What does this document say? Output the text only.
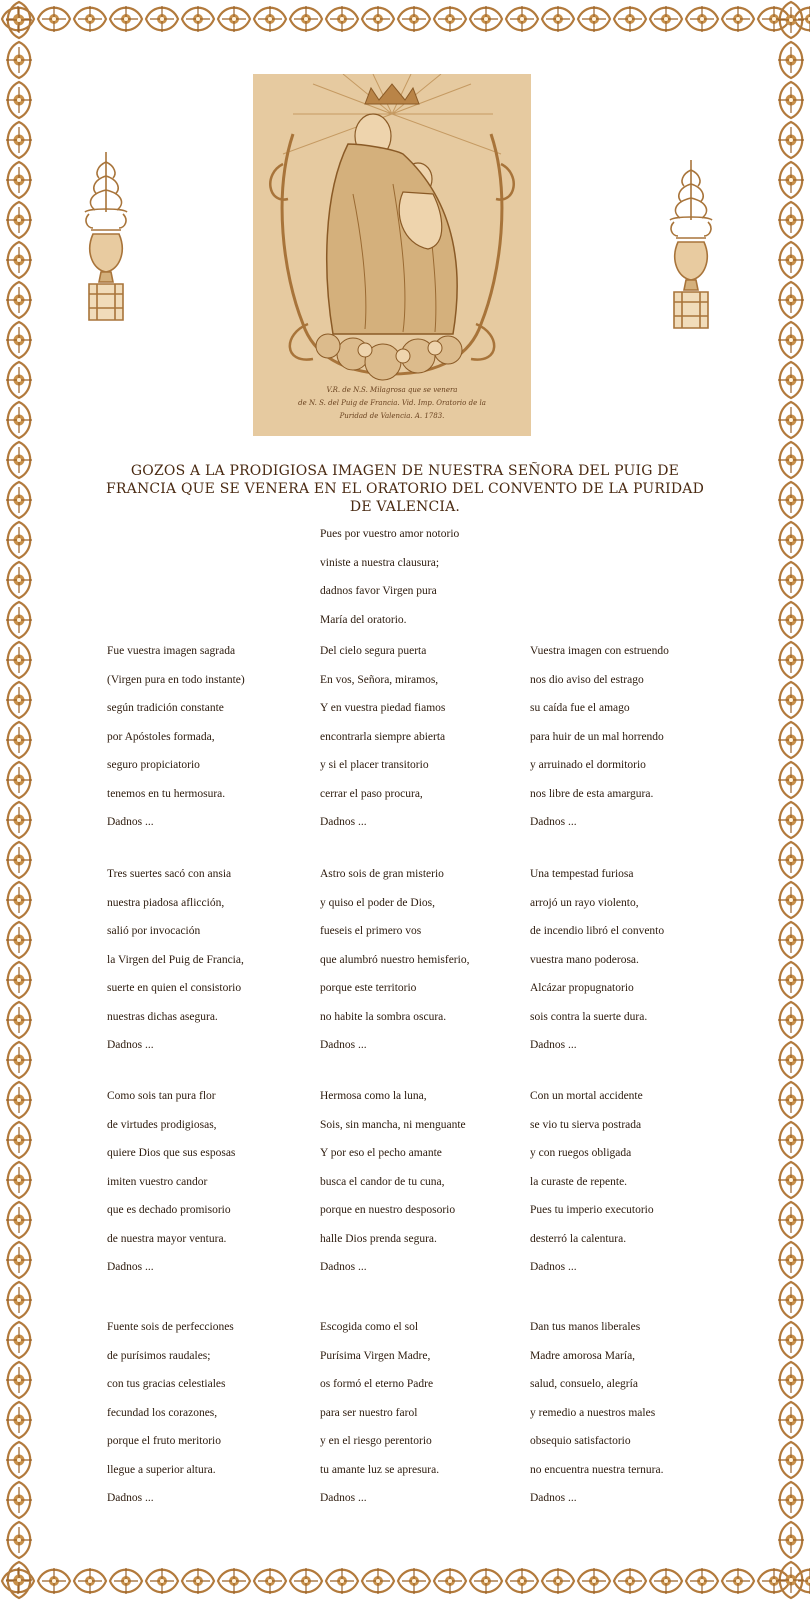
V.R. de N.S. Milagrosa que se venera
de N. S. del Puig de Francia. Vid. Imp. Oratorio de la
Puridad de Valencia. A. 1783.
GOZOS A LA PRODIGIOSA IMAGEN DE NUESTRA SEÑORA DEL PUIG DE
FRANCIA QUE SE VENERA EN EL ORATORIO DEL CONVENTO DE LA PURIDAD
DE VALENCIA.
Pues por vuestro amor notorio
viniste a nuestra clausura;
dadnos favor Virgen pura
María del oratorio.
Fue vuestra imagen sagrada
(Virgen pura en todo instante)
según tradición constante
por Apóstoles formada,
seguro propiciatorio
tenemos en tu hermosura.
Dadnos ...
Del cielo segura puerta
En vos, Señora, miramos,
Y en vuestra piedad fiamos
encontrarla siempre abierta
y si el placer transitorio
cerrar el paso procura,
Dadnos ...
Vuestra imagen con estruendo
nos dio aviso del estrago
su caída fue el amago
para huir de un mal horrendo
y arruinado el dormitorio
nos libre de esta amargura.
Dadnos ...
Tres suertes sacó con ansia
nuestra piadosa aflicción,
salió por invocación
la Virgen del Puig de Francia,
suerte en quien el consistorio
nuestras dichas asegura.
Dadnos ...
Astro sois de gran misterio
y quiso el poder de Dios,
fueseis el primero vos
que alumbró nuestro hemisferio,
porque este territorio
no habite la sombra oscura.
Dadnos ...
Una tempestad furiosa
arrojó un rayo violento,
de incendio libró el convento
vuestra mano poderosa.
Alcázar propugnatorio
sois contra la suerte dura.
Dadnos ...
Como sois tan pura flor
de virtudes prodigiosas,
quiere Dios que sus esposas
imiten vuestro candor
que es dechado promisorio
de nuestra mayor ventura.
Dadnos ...
Hermosa como la luna,
Sois, sin mancha, ni menguante
Y por eso el pecho amante
busca el candor de tu cuna,
porque en nuestro desposorio
halle Dios prenda segura.
Dadnos ...
Con un mortal accidente
se vio tu sierva postrada
y con ruegos obligada
la curaste de repente.
Pues tu imperio executorio
desterró la calentura.
Dadnos ...
Fuente sois de perfecciones
de purísimos raudales;
con tus gracias celestiales
fecundad los corazones,
porque el fruto meritorio
llegue a superior altura.
Dadnos ...
Escogida como el sol
Purísima Virgen Madre,
os formó el eterno Padre
para ser nuestro farol
y en el riesgo perentorio
tu amante luz se apresura.
Dadnos ...
Dan tus manos liberales
Madre amorosa María,
salud, consuelo, alegría
y remedio a nuestros males
obsequio satisfactorio
no encuentra nuestra ternura.
Dadnos ...
